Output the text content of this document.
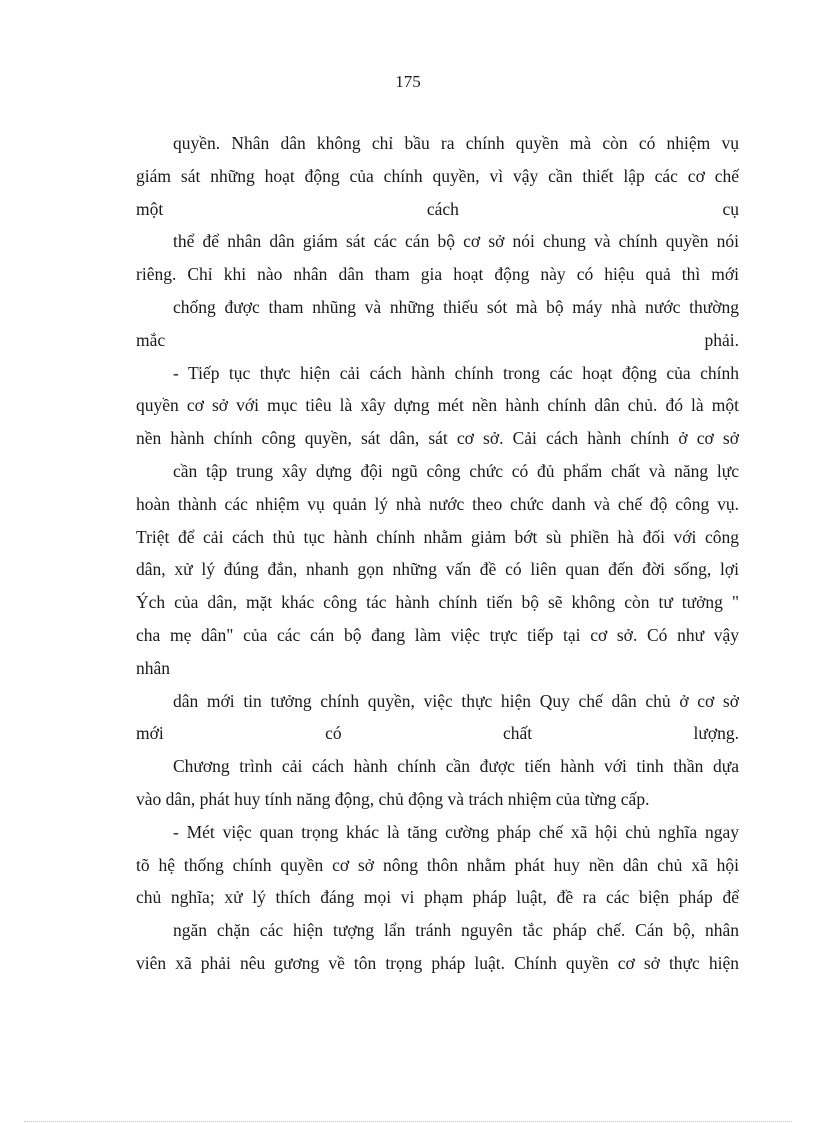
175
quyền. Nhân dân không chỉ bầu ra chính quyền mà còn có nhiệm vụ
giám sát những hoạt động của chính quyền, vì vậy cần thiết lập các cơ chế
một	cách	cụ
thể để nhân dân giám sát các cán bộ cơ sở nói chung và chính quyền nói
riêng. Chỉ khi nào nhân dân tham gia hoạt động này có hiệu quả thì mới
chống được tham nhũng và những thiếu sót mà bộ máy nhà nước thường
mắc	phải.
- Tiếp tục thực hiện cải cách hành chính trong các hoạt động của chính
quyền cơ sở với mục tiêu là xây dựng mét nền hành chính dân chủ. đó là một
nền hành chính công quyền, sát dân, sát cơ sở. Cải cách hành chính ở cơ sở
cần tập trung xây dựng đội ngũ công chức có đủ phẩm chất và năng lực
hoàn thành các nhiệm vụ quản lý nhà nước theo chức danh và chế độ công vụ.
Triệt để cải cách thủ tục hành chính nhằm giảm bớt sù phiền hà đối với công
dân, xử lý đúng đắn, nhanh gọn những vấn đề có liên quan đến đời sống, lợi
Ých của dân, mặt khác công tác hành chính tiến bộ sẽ không còn tư tưởng "
cha mẹ dân" của các cán bộ đang làm việc trực tiếp tại cơ sở. Có như vậy
nhân
dân mới tin tưởng chính quyền, việc thực hiện Quy chế dân chủ ở cơ sở
mới	có	chất	lượng.
Chương trình cải cách hành chính cần được tiến hành với tinh thần dựa
vào dân, phát huy tính năng động, chủ động và trách nhiệm của từng cấp.
- Mét việc quan trọng khác là tăng cường pháp chế xã hội chủ nghĩa ngay
tõ hệ thống chính quyền cơ sở nông thôn nhằm phát huy nền dân chủ xã hội
chủ nghĩa; xử lý thích đáng mọi vi phạm pháp luật, đề ra các biện pháp để
ngăn chặn các hiện tượng lẩn tránh nguyên tắc pháp chế. Cán bộ, nhân
viên xã phải nêu gương về tôn trọng pháp luật. Chính quyền cơ sở thực hiện
